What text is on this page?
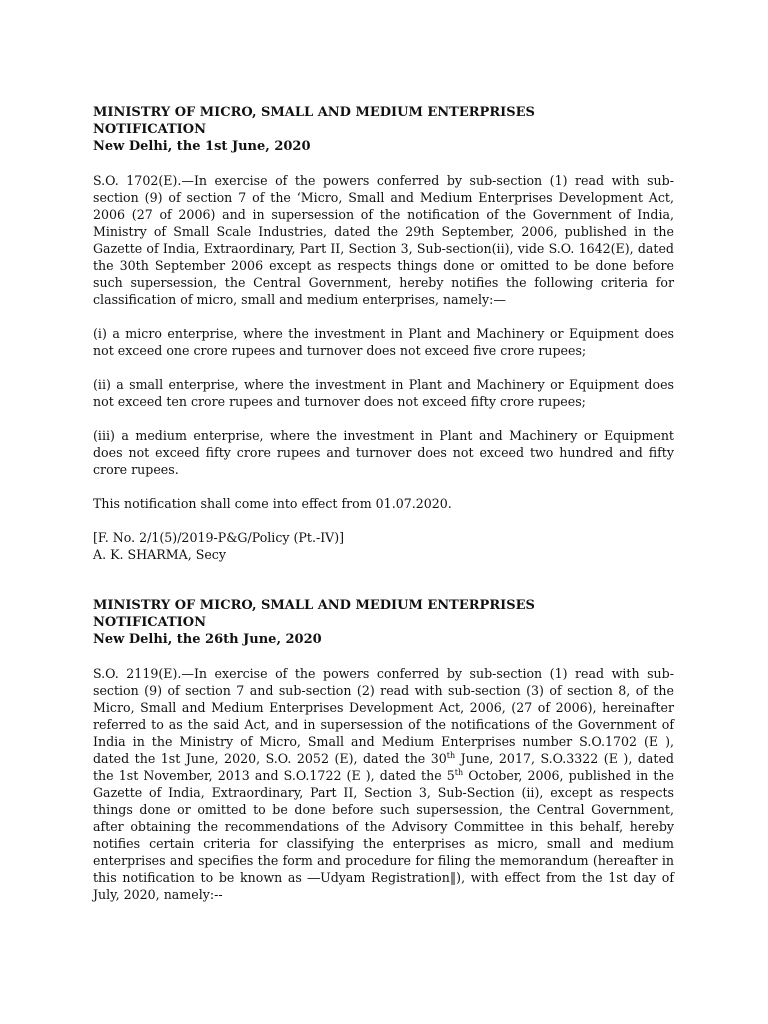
MINISTRY OF MICRO, SMALL AND MEDIUM ENTERPRISES

NOTIFICATION

New Delhi, the 1st June, 2020

S.O. 1702(E).—In exercise of the powers conferred by sub-section (1) read with sub-section (9) of section 7 of the ‘Micro, Small and Medium Enterprises Development Act, 2006 (27 of 2006) and in supersession of the notification of the Government of India, Ministry of Small Scale Industries, dated the 29th September, 2006, published in the Gazette of India, Extraordinary, Part II, Section 3, Sub-section(ii), vide S.O. 1642(E), dated the 30th September 2006 except as respects things done or omitted to be done before such supersession, the Central Government, hereby notifies the following criteria for classification of micro, small and medium enterprises, namely:—

(i) a micro enterprise, where the investment in Plant and Machinery or Equipment does not exceed one crore rupees and turnover does not exceed five crore rupees;

(ii) a small enterprise, where the investment in Plant and Machinery or Equipment does not exceed ten crore rupees and turnover does not exceed fifty crore rupees;

(iii) a medium enterprise, where the investment in Plant and Machinery or Equipment does not exceed fifty crore rupees and turnover does not exceed two hundred and fifty crore rupees.

This notification shall come into effect from 01.07.2020.

[F. No. 2/1(5)/2019-P&G/Policy (Pt.-IV)]
A. K. SHARMA, Secy

MINISTRY OF MICRO, SMALL AND MEDIUM ENTERPRISES

NOTIFICATION

New Delhi, the 26th June, 2020

S.O. 2119(E).—In exercise of the powers conferred by sub-section (1) read with sub-section (9) of section 7 and sub-section (2) read with sub-section (3) of section 8, of the Micro, Small and Medium Enterprises Development Act, 2006, (27 of 2006), hereinafter referred to as the said Act, and in supersession of the notifications of the Government of India in the Ministry of Micro, Small and Medium Enterprises number S.O.1702 (E ), dated the 1st June, 2020, S.O. 2052 (E), dated the 30th June, 2017, S.O.3322 (E ), dated the 1st November, 2013 and S.O.1722 (E ), dated the 5th October, 2006, published in the Gazette of India, Extraordinary, Part II, Section 3, Sub-Section (ii), except as respects things done or omitted to be done before such supersession, the Central Government, after obtaining the recommendations of the Advisory Committee in this behalf, hereby notifies certain criteria for classifying the enterprises as micro, small and medium enterprises and specifies the form and procedure for filing the memorandum (hereafter in this notification to be known as ―Udyam Registration‖), with effect from the 1st day of July, 2020, namely:--
